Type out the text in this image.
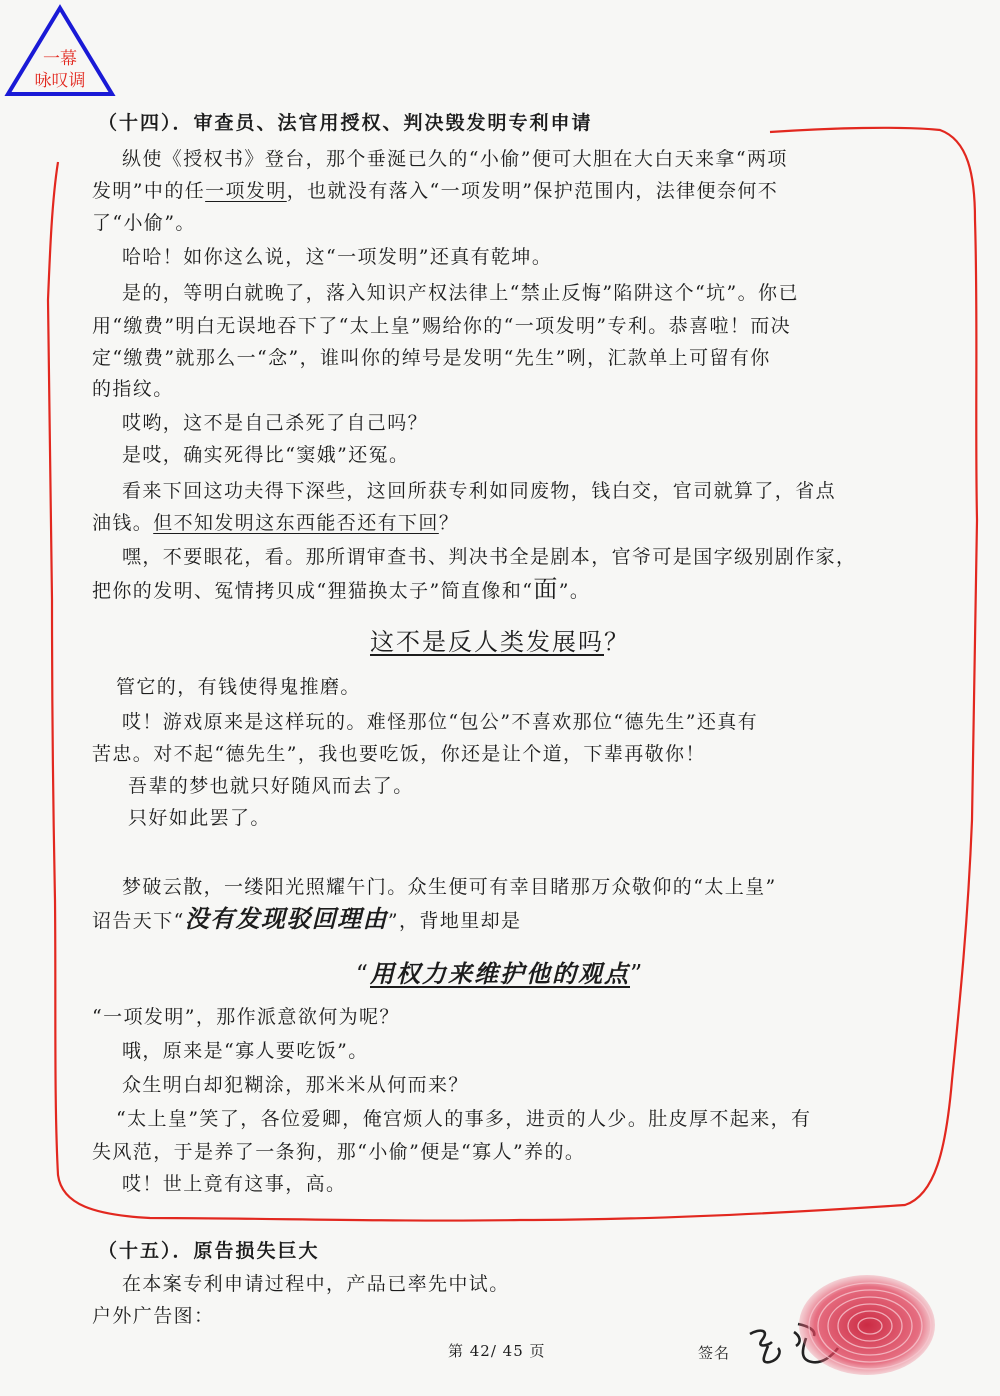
一幕
咏叹调
（十四）．审查员、法官用授权、判决毁发明专利申请
纵使《授权书》登台，那个垂涎已久的“小偷”便可大胆在大白天来拿“两项
发明”中的任一项发明，也就没有落入“一项发明”保护范围内，法律便奈何不
了“小偷”。
哈哈！如你这么说，这“一项发明”还真有乾坤。
是的，等明白就晚了，落入知识产权法律上“禁止反悔”陷阱这个“坑”。你已
用“缴费”明白无误地吞下了“太上皇”赐给你的“一项发明”专利。恭喜啦！而决
定“缴费”就那么一“念”，谁叫你的绰号是发明“先生”咧，汇款单上可留有你
的指纹。
哎哟，这不是自己杀死了自己吗？
是哎，确实死得比“窦娥”还冤。
看来下回这功夫得下深些，这回所获专利如同废物，钱白交，官司就算了，省点
油钱。但不知发明这东西能否还有下回？
嘿，不要眼花，看。那所谓审查书、判决书全是剧本，官爷可是国字级别剧作家，
把你的发明、冤情拷贝成“狸猫换太子”简直像和“面”。
这不是反人类发展吗？
管它的，有钱使得鬼推磨。
哎！游戏原来是这样玩的。难怪那位“包公”不喜欢那位“德先生”还真有
苦忠。对不起“德先生”，我也要吃饭，你还是让个道，下辈再敬你！
吾辈的梦也就只好随风而去了。
只好如此罢了。
梦破云散，一缕阳光照耀午门。众生便可有幸目睹那万众敬仰的“太上皇”
诏告天下“没有发现驳回理由”，背地里却是
“用权力来维护他的观点”
“一项发明”，那作派意欲何为呢？
哦，原来是“寡人要吃饭”。
众生明白却犯糊涂，那米米从何而来？
“太上皇”笑了，各位爱卿，俺宫烦人的事多，进贡的人少。肚皮厚不起来，有
失风范，于是养了一条狗，那“小偷”便是“寡人”养的。
哎！世上竟有这事，高。
（十五）．原告损失巨大
在本案专利申请过程中，产品已率先中试。
户外广告图：
第 42/ 45 页	签名
